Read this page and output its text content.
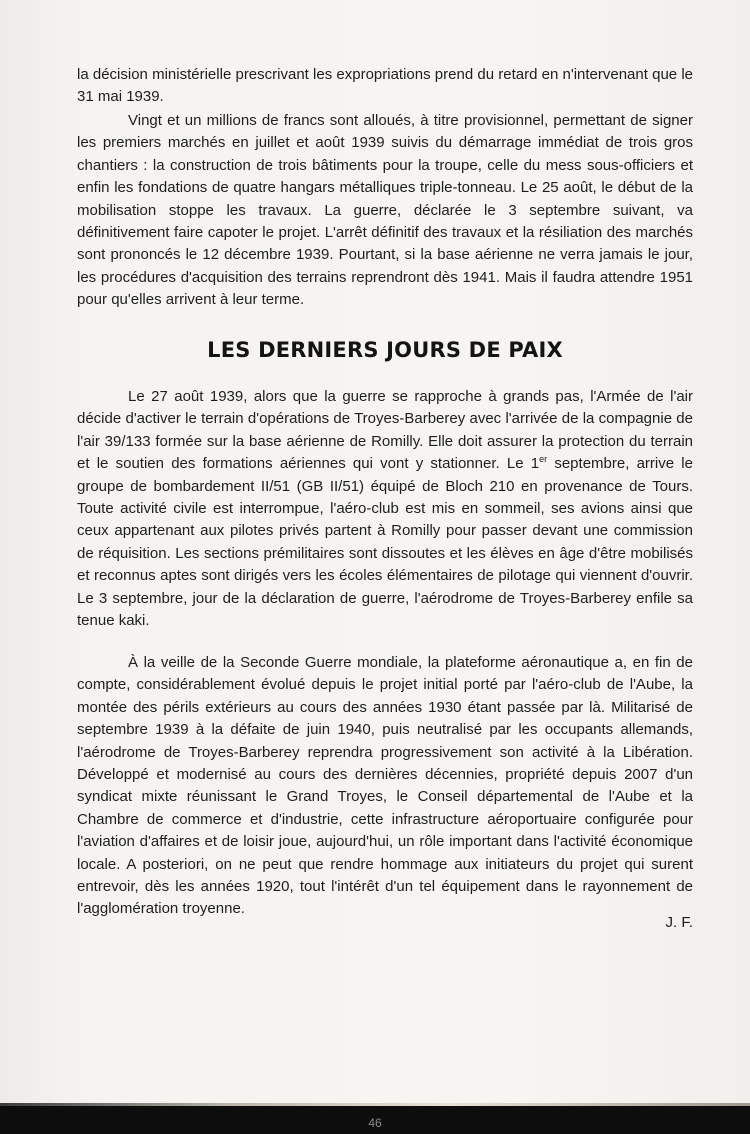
la décision ministérielle prescrivant les expropriations prend du retard en n'intervenant que le 31 mai 1939.

Vingt et un millions de francs sont alloués, à titre provisionnel, permettant de signer les premiers marchés en juillet et août 1939 suivis du démarrage immédiat de trois gros chantiers : la construction de trois bâtiments pour la troupe, celle du mess sous-officiers et enfin les fondations de quatre hangars métalliques triple-tonneau. Le 25 août, le début de la mobilisation stoppe les travaux. La guerre, déclarée le 3 septembre suivant, va définitivement faire capoter le projet. L'arrêt définitif des travaux et la résiliation des marchés sont prononcés le 12 décembre 1939. Pourtant, si la base aérienne ne verra jamais le jour, les procédures d'acquisition des terrains reprendront dès 1941. Mais il faudra attendre 1951 pour qu'elles arrivent à leur terme.

LES DERNIERS JOURS DE PAIX

Le 27 août 1939, alors que la guerre se rapproche à grands pas, l'Armée de l'air décide d'activer le terrain d'opérations de Troyes-Barberey avec l'arrivée de la compagnie de l'air 39/133 formée sur la base aérienne de Romilly. Elle doit assurer la protection du terrain et le soutien des formations aériennes qui vont y stationner. Le 1er septembre, arrive le groupe de bombardement II/51 (GB II/51) équipé de Bloch 210 en provenance de Tours. Toute activité civile est interrompue, l'aéro-club est mis en sommeil, ses avions ainsi que ceux appartenant aux pilotes privés partent à Romilly pour passer devant une commission de réquisition. Les sections prémilitaires sont dissoutes et les élèves en âge d'être mobilisés et reconnus aptes sont dirigés vers les écoles élémentaires de pilotage qui viennent d'ouvrir. Le 3 septembre, jour de la déclaration de guerre, l'aérodrome de Troyes-Barberey enfile sa tenue kaki.

À la veille de la Seconde Guerre mondiale, la plateforme aéronautique a, en fin de compte, considérablement évolué depuis le projet initial porté par l'aéro-club de l'Aube, la montée des périls extérieurs au cours des années 1930 étant passée par là. Militarisé de septembre 1939 à la défaite de juin 1940, puis neutralisé par les occupants allemands, l'aérodrome de Troyes-Barberey reprendra progressivement son activité à la Libération. Développé et modernisé au cours des dernières décennies, propriété depuis 2007 d'un syndicat mixte réunissant le Grand Troyes, le Conseil départemental de l'Aube et la Chambre de commerce et d'industrie, cette infrastructure aéroportuaire configurée pour l'aviation d'affaires et de loisir joue, aujourd'hui, un rôle important dans l'activité économique locale. A posteriori, on ne peut que rendre hommage aux initiateurs du projet qui surent entrevoir, dès les années 1920, tout l'intérêt d'un tel équipement dans le rayonnement de l'agglomération troyenne.

J. F.
46
